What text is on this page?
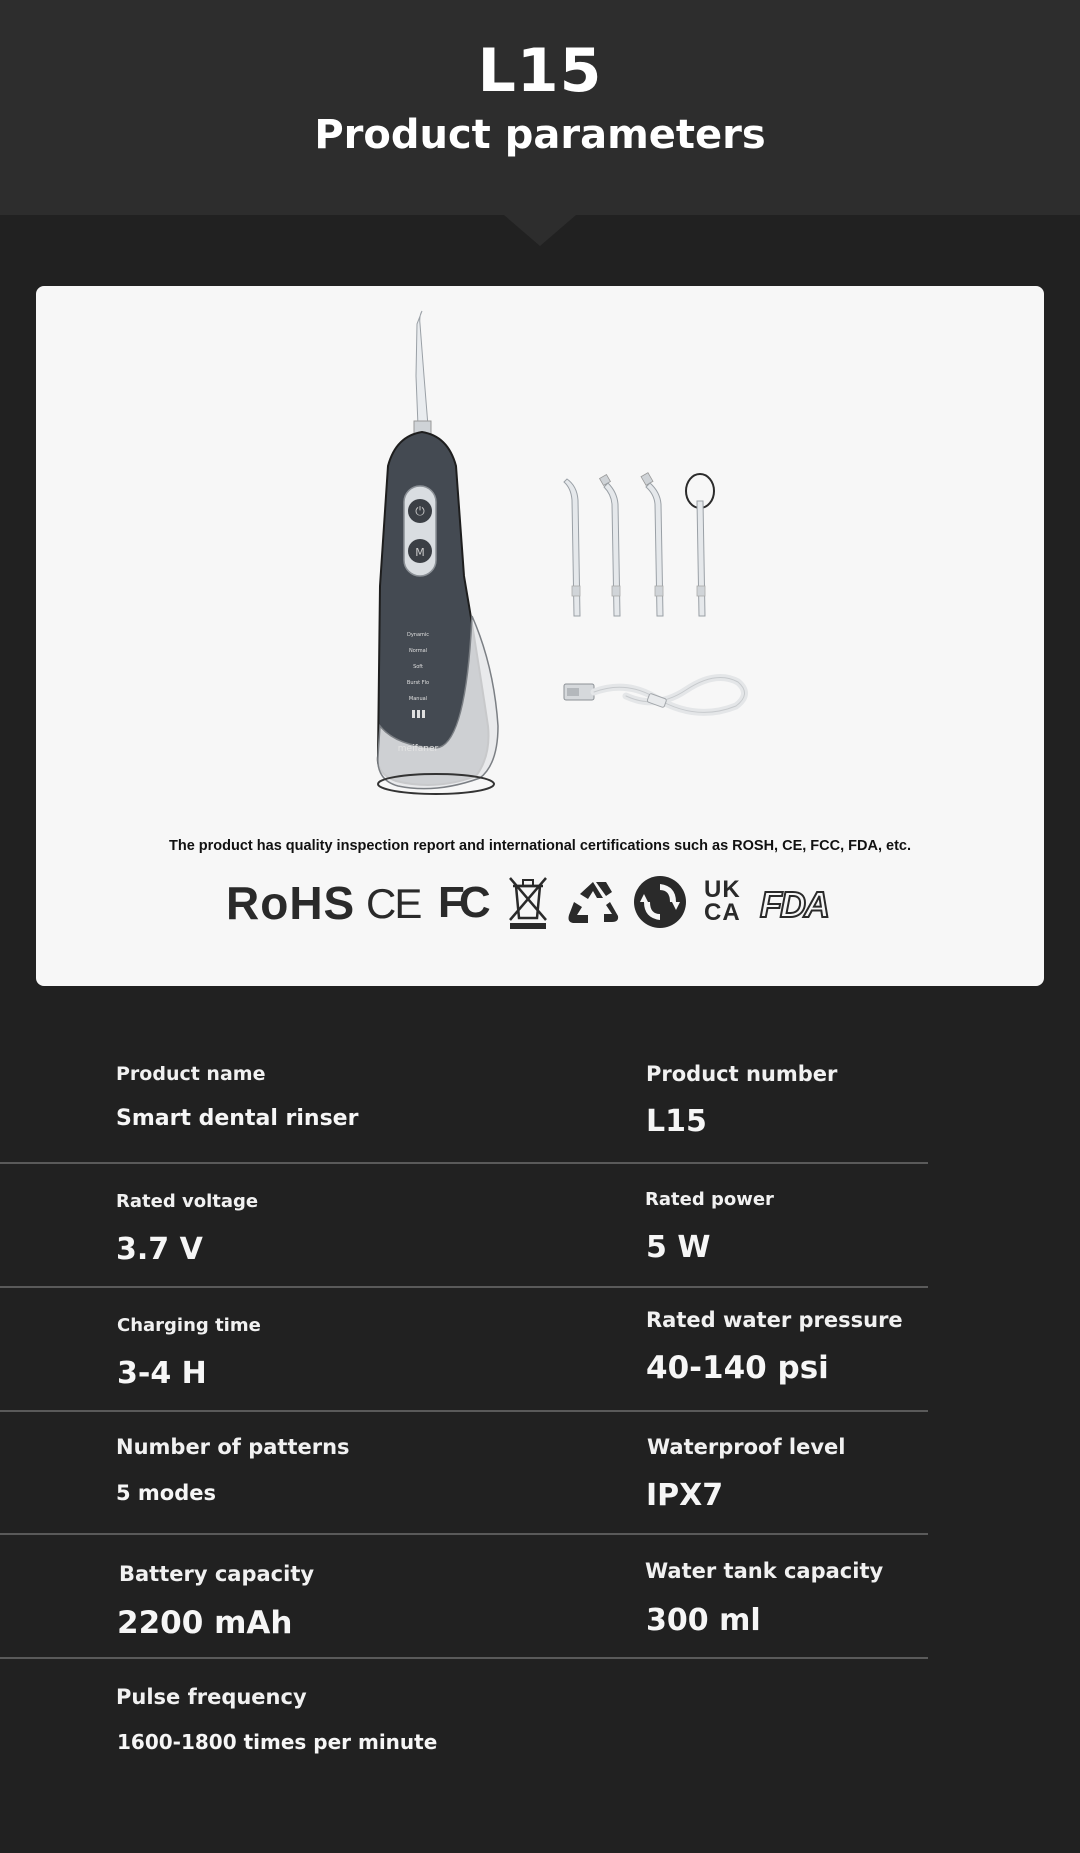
L15
Product parameters
⏻
M
Dynamic
Normal
Soft
Burst Flo
Manual
meifaner
The product has quality inspection report and international certifications such as ROSH, CE, FCC, FDA, etc.
RoHS CE FC	UK
CA FDA
Product name
Smart dental rinser
Product number
L15
Rated voltage
3.7 V
Rated power
5 W
Charging time
3-4 H
Rated water pressure
40-140 psi
Number of patterns
5 modes
Waterproof level
IPX7
Battery capacity
2200 mAh
Water tank capacity
300 ml
Pulse frequency
1600-1800 times per minute
